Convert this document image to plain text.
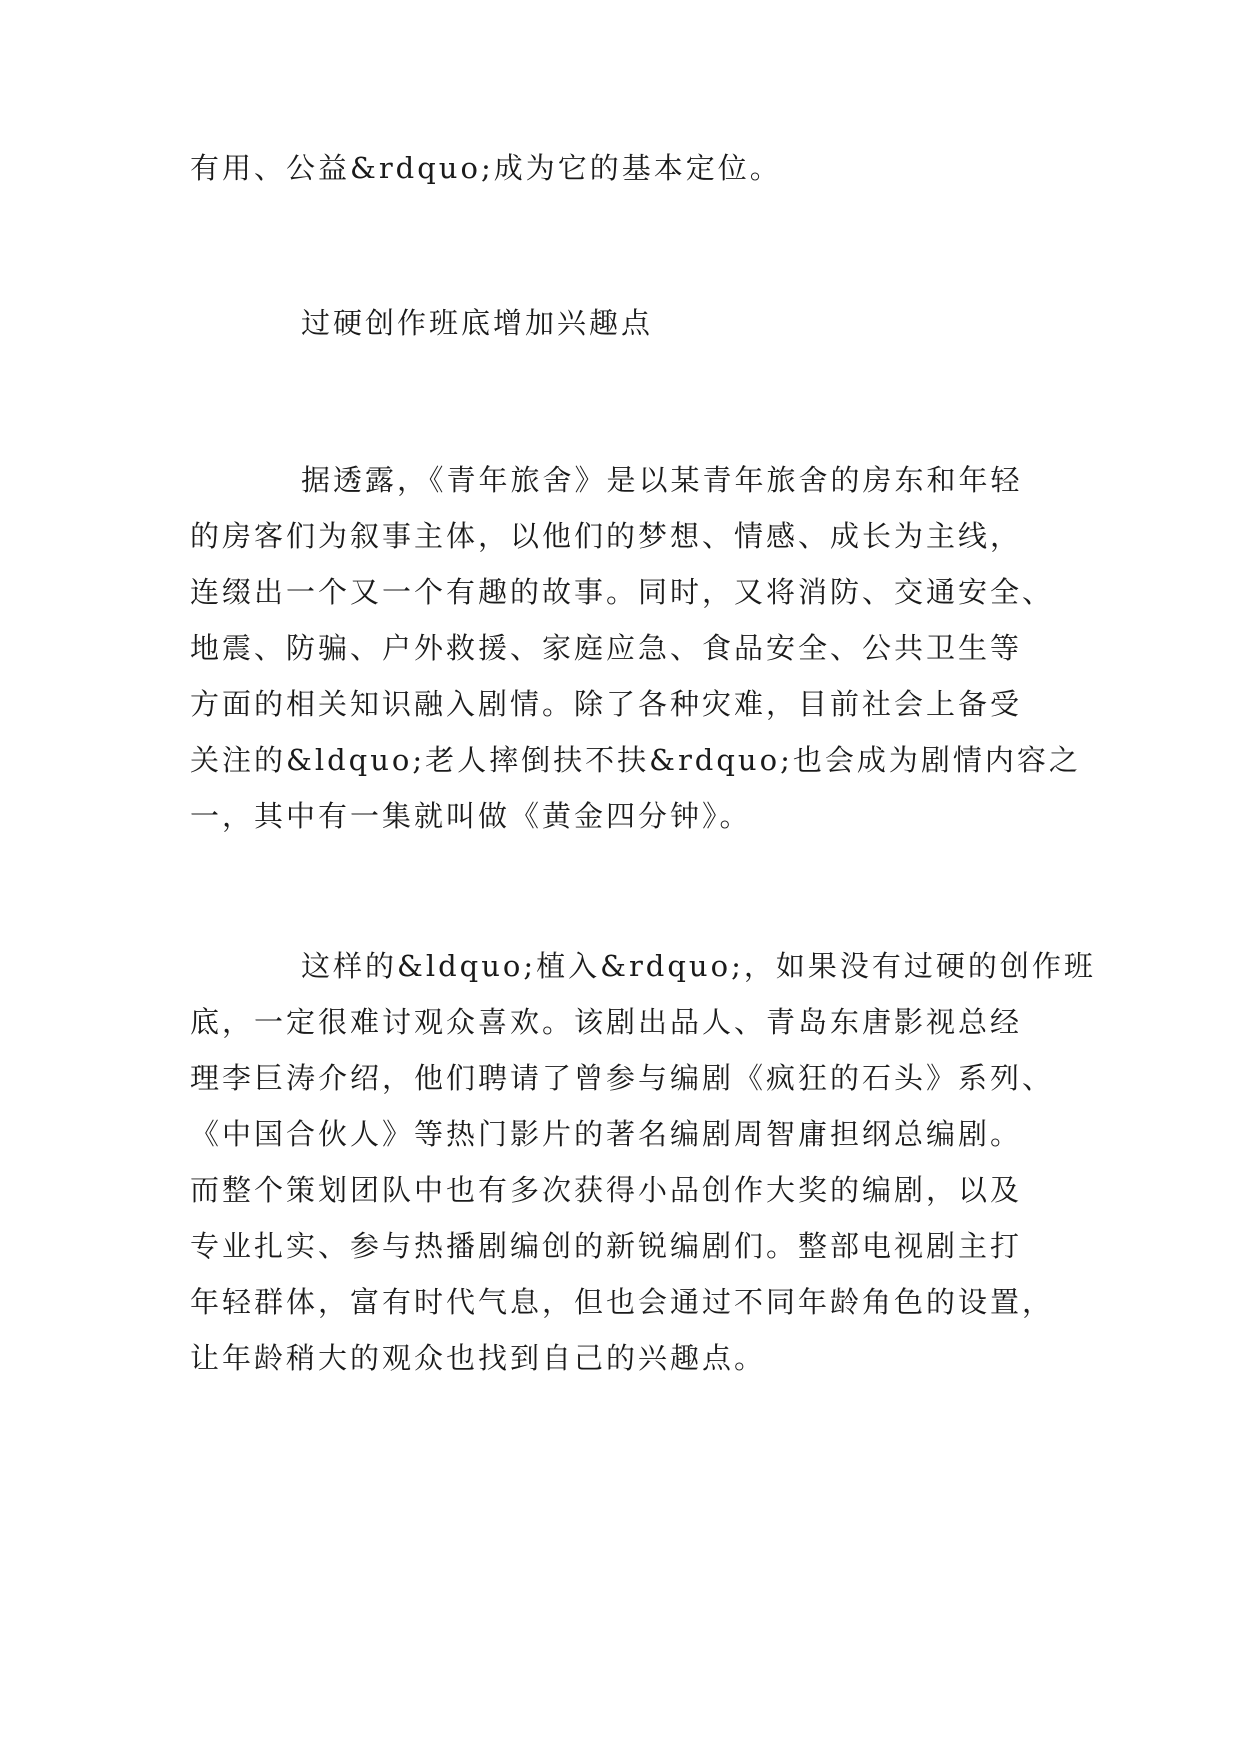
有用、公益&rdquo;成为它的基本定位。
过硬创作班底增加兴趣点
据透露，《青年旅舍》是以某青年旅舍的房东和年轻
的房客们为叙事主体，以他们的梦想、情感、成长为主线，
连缀出一个又一个有趣的故事。同时，又将消防、交通安全、
地震、防骗、户外救援、家庭应急、食品安全、公共卫生等
方面的相关知识融入剧情。除了各种灾难，目前社会上备受
关注的&ldquo;老人摔倒扶不扶&rdquo;也会成为剧情内容之
一，其中有一集就叫做《黄金四分钟》。
这样的&ldquo;植入&rdquo;，如果没有过硬的创作班
底，一定很难讨观众喜欢。该剧出品人、青岛东唐影视总经
理李巨涛介绍，他们聘请了曾参与编剧《疯狂的石头》系列、
《中国合伙人》等热门影片的著名编剧周智庸担纲总编剧。
而整个策划团队中也有多次获得小品创作大奖的编剧，以及
专业扎实、参与热播剧编创的新锐编剧们。整部电视剧主打
年轻群体，富有时代气息，但也会通过不同年龄角色的设置，
让年龄稍大的观众也找到自己的兴趣点。
